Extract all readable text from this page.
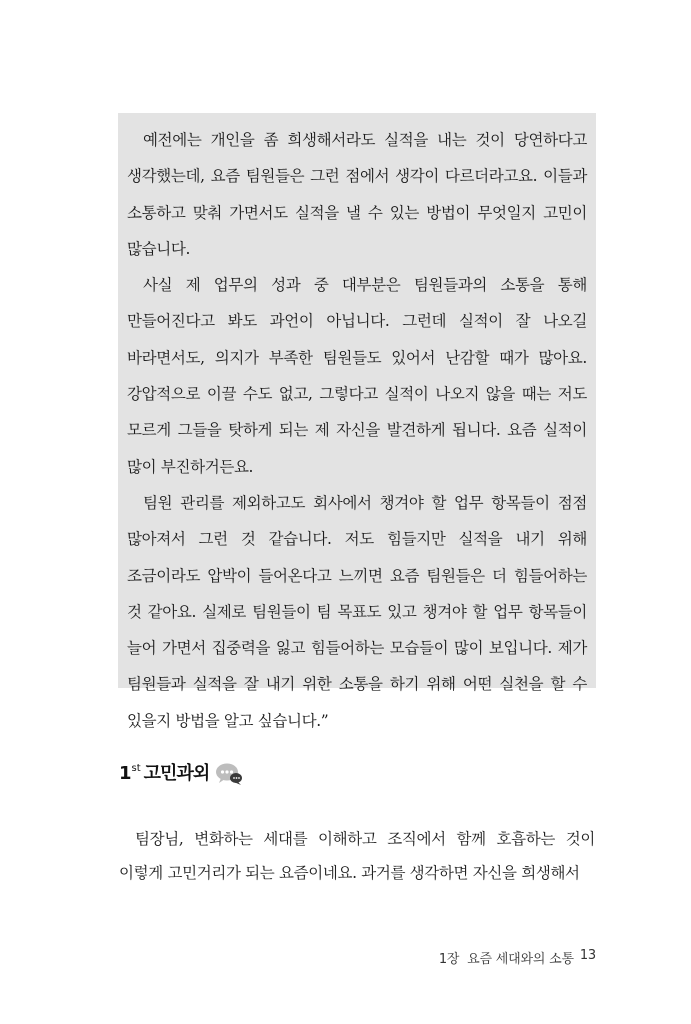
예전에는 개인을 좀 희생해서라도 실적을 내는 것이 당연하다고 생각했는데, 요즘 팀원들은 그런 점에서 생각이 다르더라고요. 이들과 소통하고 맞춰 가면서도 실적을 낼 수 있는 방법이 무엇일지 고민이 많습니다.

사실 제 업무의 성과 중 대부분은 팀원들과의 소통을 통해 만들어진다고 봐도 과언이 아닙니다. 그런데 실적이 잘 나오길 바라면서도, 의지가 부족한 팀원들도 있어서 난감할 때가 많아요. 강압적으로 이끌 수도 없고, 그렇다고 실적이 나오지 않을 때는 저도 모르게 그들을 탓하게 되는 제 자신을 발견하게 됩니다. 요즘 실적이 많이 부진하거든요.

팀원 관리를 제외하고도 회사에서 챙겨야 할 업무 항목들이 점점 많아져서 그런 것 같습니다. 저도 힘들지만 실적을 내기 위해 조금이라도 압박이 들어온다고 느끼면 요즘 팀원들은 더 힘들어하는 것 같아요. 실제로 팀원들이 팀 목표도 있고 챙겨야 할 업무 항목들이 늘어 가면서 집중력을 잃고 힘들어하는 모습들이 많이 보입니다. 제가 팀원들과 실적을 잘 내기 위한 소통을 하기 위해 어떤 실천을 할 수 있을지 방법을 알고 싶습니다.”

1 st 고민과외

팀장님, 변화하는 세대를 이해하고 조직에서 함께 호흡하는 것이 이렇게 고민거리가 되는 요즘이네요. 과거를 생각하면 자신을 희생해서

1장  요즘 세대와의 소통 13
